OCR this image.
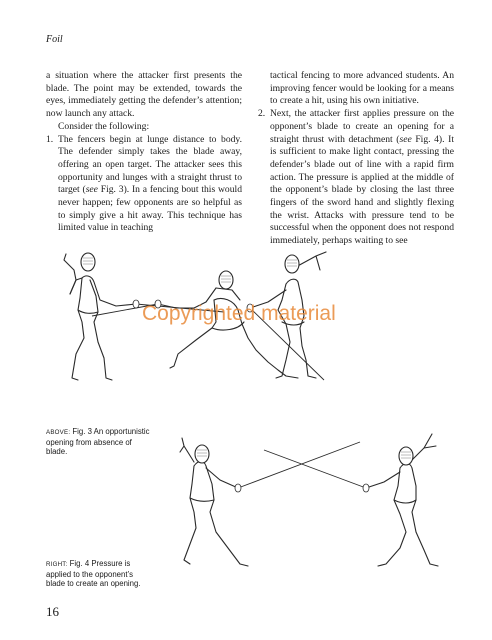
Foil

a situation where the attacker first presents the blade. The point may be extended, towards the eyes, immediately getting the defender’s attention; now launch any attack.

Consider the following:

1. The fencers begin at lunge distance to body. The defender simply takes the blade away, offering an open target. The attacker sees this opportunity and lunges with a straight thrust to target (see Fig. 3). In a fencing bout this would never happen; few opponents are so helpful as to simply give a hit away. This technique has limited value in teaching

tactical fencing to more advanced students. An improving fencer would be looking for a means to create a hit, using his own initiative.

2. Next, the attacker first applies pressure on the opponent’s blade to create an opening for a straight thrust with detachment (see Fig. 4). It is sufficient to make light contact, pressing the defender’s blade out of line with a rapid firm action. The pressure is applied at the middle of the opponent’s blade by closing the last three fingers of the sword hand and slightly flexing the wrist. Attacks with pressure tend to be successful when the opponent does not respond immediately, perhaps waiting to see
Copyrighted material
ABOVE: Fig. 3 An opportunistic opening from absence of blade.
RIGHT: Fig. 4 Pressure is applied to the opponent’s blade to create an opening.
16
